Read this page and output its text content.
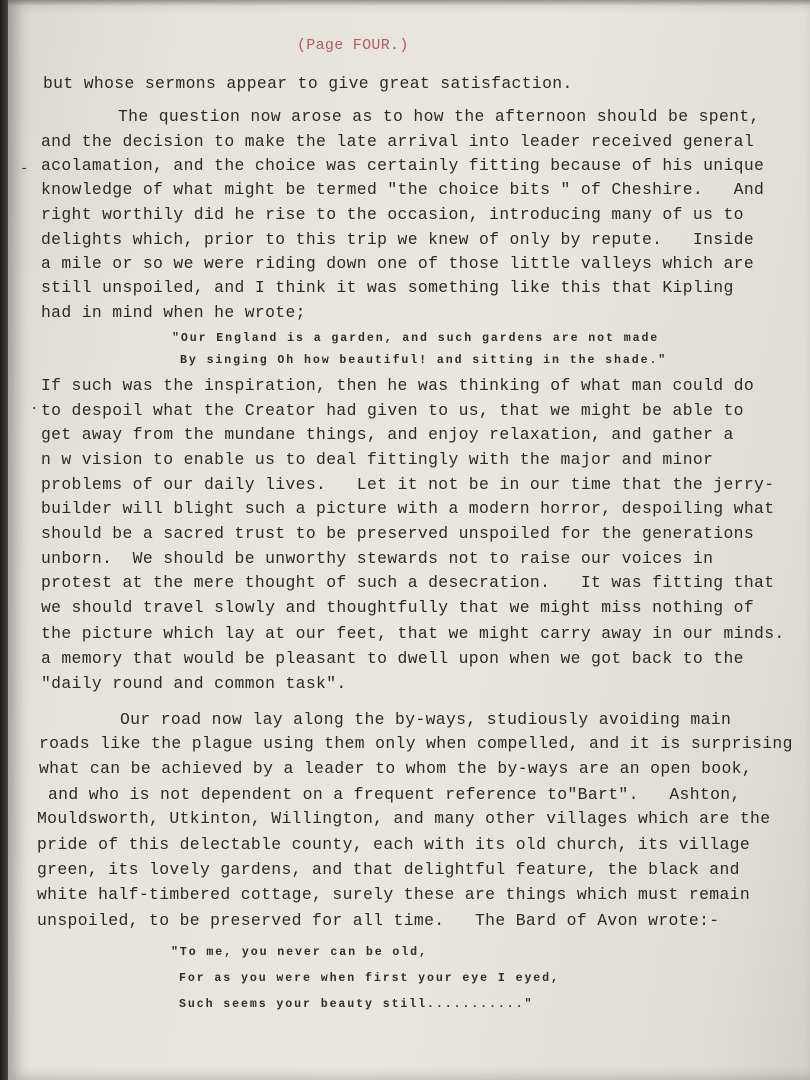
(Page FOUR.)
-
·
but whose sermons appear to give great satisfaction.
The question now arose as to how the afternoon should be spent,
and the decision to make the late arrival into leader received general
acolamation, and the choice was certainly fitting because of his unique
knowledge of what might be termed "the choice bits " of Cheshire.   And
right worthily did he rise to the occasion, introducing many of us to
delights which, prior to this trip we knew of only by repute.   Inside
a mile or so we were riding down one of those little valleys which are
still unspoiled, and I think it was something like this that Kipling
had in mind when he wrote;
"Our England is a garden, and such gardens are not made
By singing Oh how beautiful! and sitting in the shade."
If such was the inspiration, then he was thinking of what man could do
to despoil what the Creator had given to us, that we might be able to
get away from the mundane things, and enjoy relaxation, and gather a
n w vision to enable us to deal fittingly with the major and minor
problems of our daily lives.   Let it not be in our time that the jerry-
builder will blight such a picture with a modern horror, despoiling what
should be a sacred trust to be preserved unspoiled for the generations
unborn.  We should be unworthy stewards not to raise our voices in
protest at the mere thought of such a desecration.   It was fitting that
we should travel slowly and thoughtfully that we might miss nothing of
the picture which lay at our feet, that we might carry away in our minds.
a memory that would be pleasant to dwell upon when we got back to the
"daily round and common task".
Our road now lay along the by-ways, studiously avoiding main
roads like the plague using them only when compelled, and it is surprising
what can be achieved by a leader to whom the by-ways are an open book,
and who is not dependent on a frequent reference to"Bart".   Ashton,
Mouldsworth, Utkinton, Willington, and many other villages which are the
pride of this delectable county, each with its old church, its village
green, its lovely gardens, and that delightful feature, the black and
white half-timbered cottage, surely these are things which must remain
unspoiled, to be preserved for all time.   The Bard of Avon wrote:-
"To me, you never can be old,
For as you were when first your eye I eyed,
Such seems your beauty still..........."
